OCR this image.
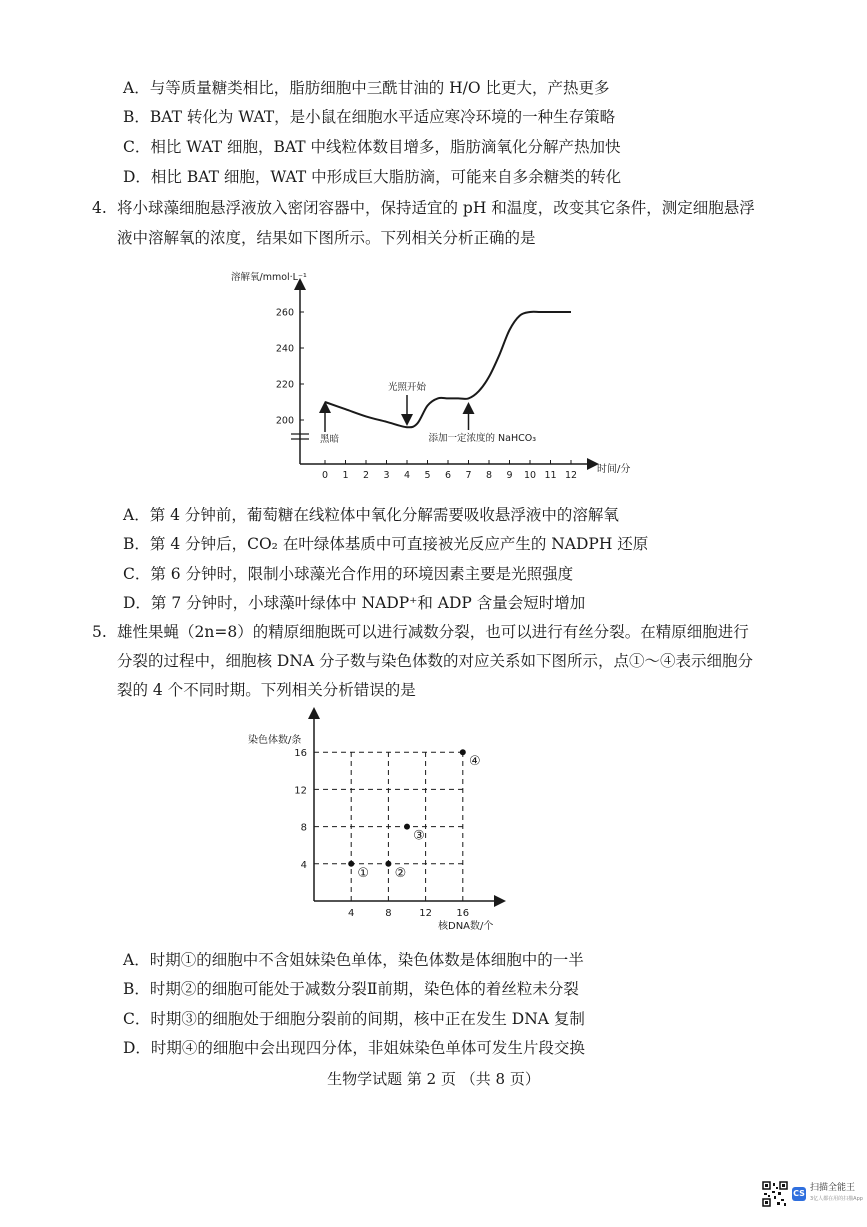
A．与等质量糖类相比，脂肪细胞中三酰甘油的 H/O 比更大，产热更多
B．BAT 转化为 WAT，是小鼠在细胞水平适应寒冷环境的一种生存策略
C．相比 WAT 细胞，BAT 中线粒体数目增多，脂肪滴氧化分解产热加快
D．相比 BAT 细胞，WAT 中形成巨大脂肪滴，可能来自多余糖类的转化
4. 将小球藻细胞悬浮液放入密闭容器中，保持适宜的 pH 和温度，改变其它条件，测定细胞悬浮
液中溶解氧的浓度，结果如下图所示。下列相关分析正确的是
0 1 2 3 4 5 6 7 8 9 10 11 12
200
220
240
260
黑暗
光照开始
添加一定浓度的 NaHCO₃
溶解氧/mmol·L⁻¹
时间/分
A．第 4 分钟前，葡萄糖在线粒体中氧化分解需要吸收悬浮液中的溶解氧
B．第 4 分钟后，CO₂ 在叶绿体基质中可直接被光反应产生的 NADPH 还原
C．第 6 分钟时，限制小球藻光合作用的环境因素主要是光照强度
D．第 7 分钟时，小球藻叶绿体中 NADP⁺和 ADP 含量会短时增加
5. 雄性果蝇（2n=8）的精原细胞既可以进行减数分裂，也可以进行有丝分裂。在精原细胞进行
分裂的过程中，细胞核 DNA 分子数与染色体数的对应关系如下图所示，点①～④表示细胞分
裂的 4 个不同时期。下列相关分析错误的是
4	8	12 16
4
8
12
16
① ②
③
④
染色体数/条
核DNA数/个
A．时期①的细胞中不含姐妹染色单体，染色体数是体细胞中的一半
B．时期②的细胞可能处于减数分裂Ⅱ前期，染色体的着丝粒未分裂
C．时期③的细胞处于细胞分裂前的间期，核中正在发生 DNA 复制
D．时期④的细胞中会出现四分体，非姐妹染色单体可发生片段交换
生物学试题 第 2 页 （共 8 页）
CS
扫描全能王
3亿人都在用的扫描App
